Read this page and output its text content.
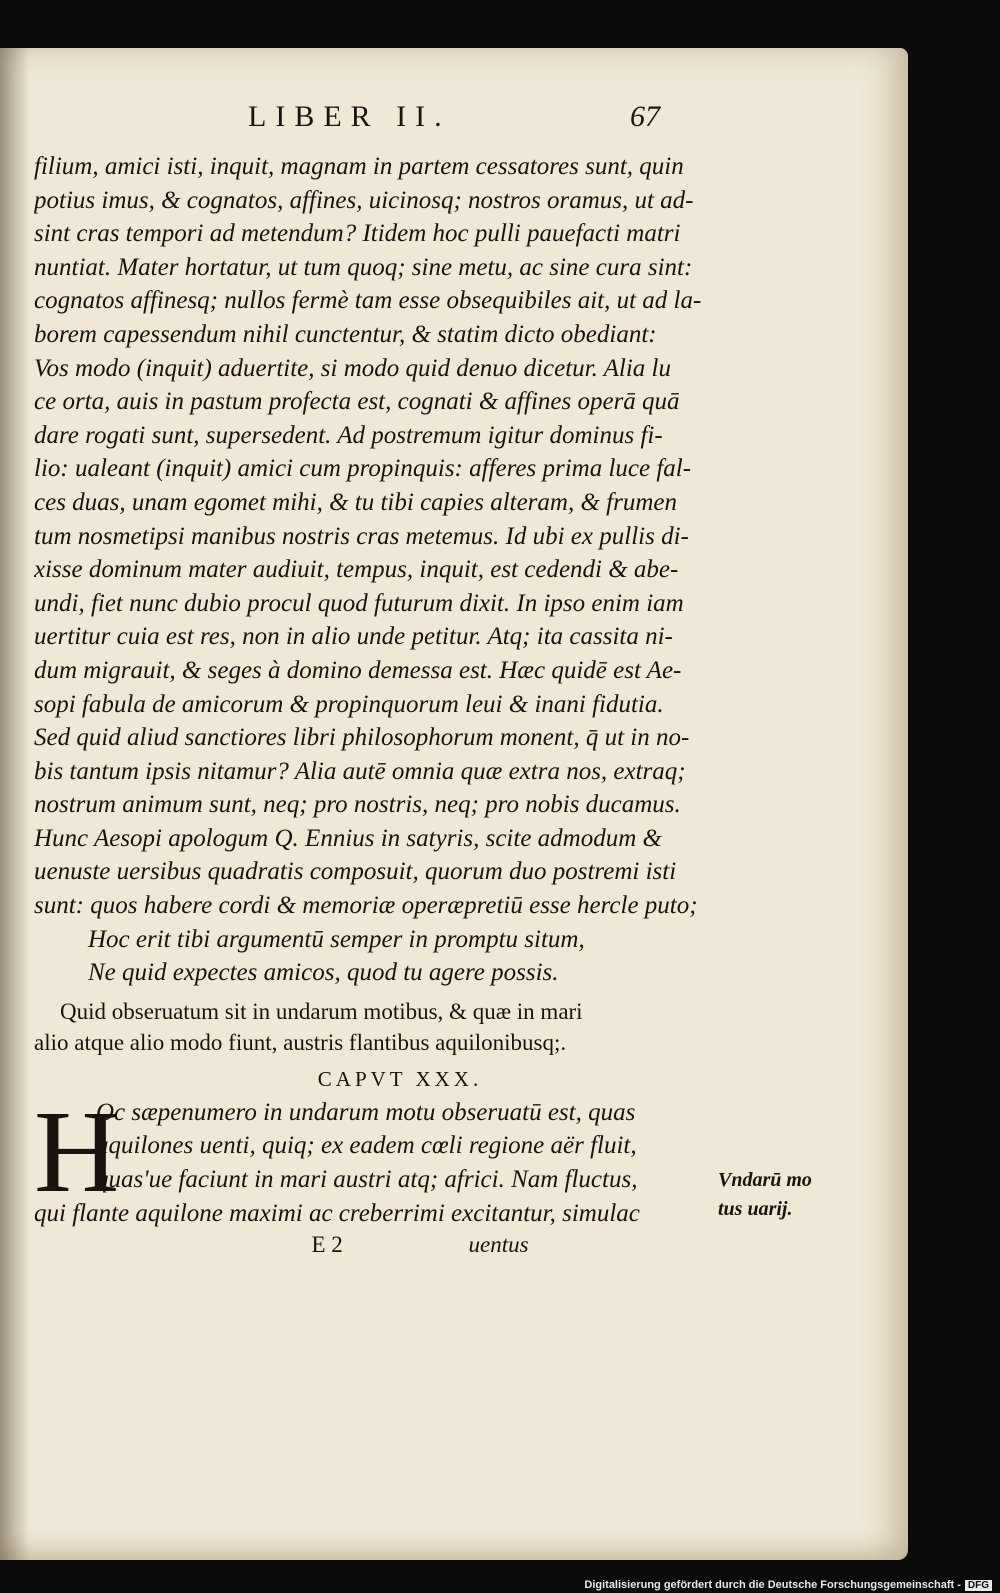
LIBER II.	67
filium, amici isti, inquit, magnam in partem cessatores sunt, quin
potius imus, & cognatos, affines, uicinosq; nostros oramus, ut ad-
sint cras tempori ad metendum? Itidem hoc pulli pauefacti matri
nuntiat. Mater hortatur, ut tum quoq; sine metu, ac sine cura sint:
cognatos affinesq; nullos fermè tam esse obsequibiles ait, ut ad la-
borem capessendum nihil cunctentur, & statim dicto obediant:
Vos modo (inquit) aduertite, si modo quid denuo dicetur. Alia lu
ce orta, auis in pastum profecta est, cognati & affines operā quā
dare rogati sunt, supersedent. Ad postremum igitur dominus fi-
lio: ualeant (inquit) amici cum propinquis: afferes prima luce fal-
ces duas, unam egomet mihi, & tu tibi capies alteram, & frumen
tum nosmetipsi manibus nostris cras metemus. Id ubi ex pullis di-
xisse dominum mater audiuit, tempus, inquit, est cedendi & abe-
undi, fiet nunc dubio procul quod futurum dixit. In ipso enim iam
uertitur cuia est res, non in alio unde petitur. Atq; ita cassita ni-
dum migrauit, & seges à domino demessa est. Hæc quidē est Ae-
sopi fabula de amicorum & propinquorum leui & inani fidutia.
Sed quid aliud sanctiores libri philosophorum monent, q̄ ut in no-
bis tantum ipsis nitamur? Alia autē omnia quæ extra nos, extraq;
nostrum animum sunt, neq; pro nostris, neq; pro nobis ducamus.
Hunc Aesopi apologum Q. Ennius in satyris, scite admodum &
uenuste uersibus quadratis composuit, quorum duo postremi isti
sunt: quos habere cordi & memoriæ operæpretiū esse hercle puto;
Hoc erit tibi argumentū semper in promptu situm,
Ne quid expectes amicos, quod tu agere possis.
Quid obseruatum sit in undarum motibus, & quæ in mari
alio atque alio modo fiunt, austris flantibus aquilonibusq;.
CAPVT XXX.
H
Oc sæpenumero in undarum motu obseruatū est, quas
aquilones uenti, quiq; ex eadem cœli regione aër fluit,
quas'ue faciunt in mari austri atq; africi. Nam fluctus,
qui flante aquilone maximi ac creberrimi excitantur, simulac
E 2	uentus
Vndarū mo
tus uarij.
Digitalisierung gefördert durch die Deutsche Forschungsgemeinschaft - DFG
